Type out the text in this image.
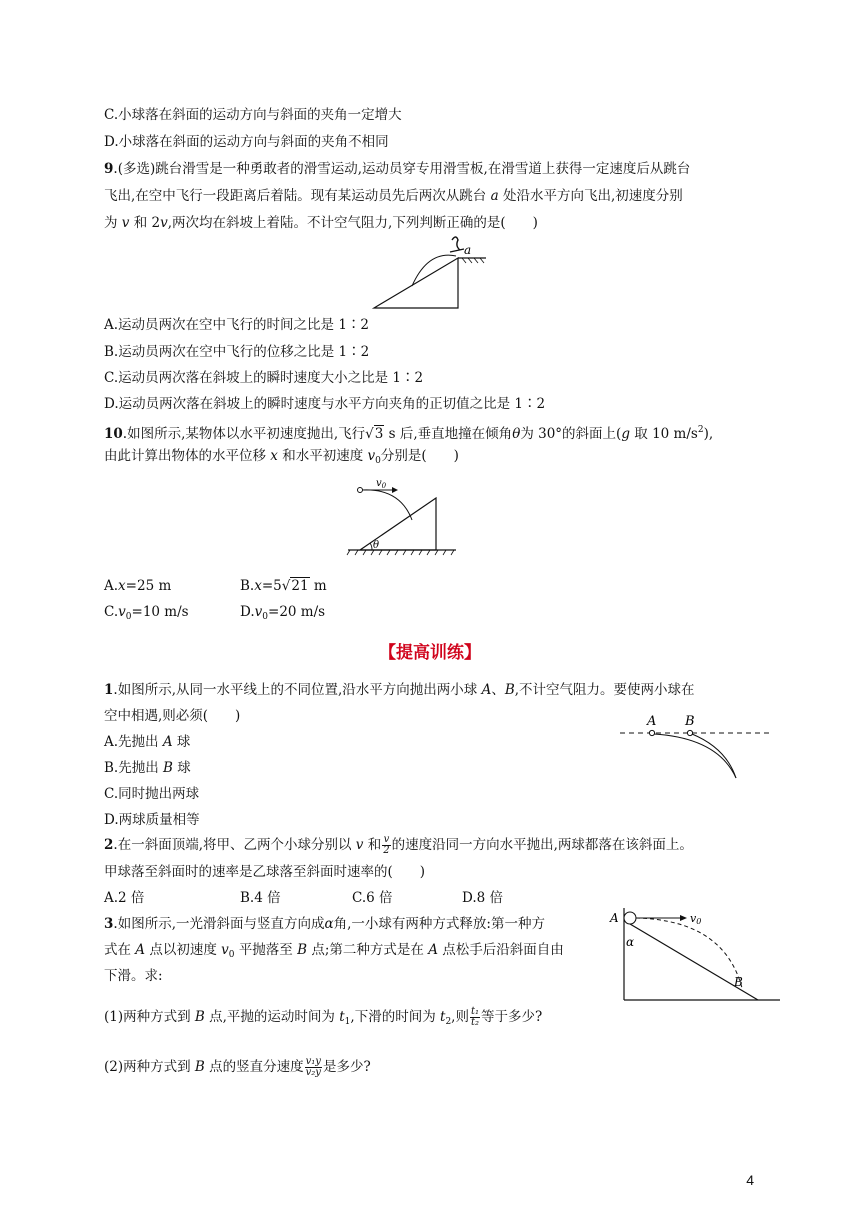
C.小球落在斜面的运动方向与斜面的夹角一定增大
D.小球落在斜面的运动方向与斜面的夹角不相同
9.(多选)跳台滑雪是一种勇敢者的滑雪运动,运动员穿专用滑雪板,在滑雪道上获得一定速度后从跳台
飞出,在空中飞行一段距离后着陆。现有某运动员先后两次从跳台 a 处沿水平方向飞出,初速度分别
为 v 和 2v,两次均在斜坡上着陆。不计空气阻力,下列判断正确的是(　　)
a
A.运动员两次在空中飞行的时间之比是 1∶2
B.运动员两次在空中飞行的位移之比是 1∶2
C.运动员两次落在斜坡上的瞬时速度大小之比是 1∶2
D.运动员两次落在斜坡上的瞬时速度与水平方向夹角的正切值之比是 1∶2
10.如图所示,某物体以水平初速度抛出,飞行√3 s 后,垂直地撞在倾角θ为 30°的斜面上(g 取 10 $m/s^2$),
由此计算出物体的水平位移 x 和水平初速度 $v_0$分别是(　　)
$v_0$
θ
A.x=25 m	B.x=5√21 m
$C.v_0=10$ m/s	$D.v_0=20$ m/s
【提高训练】
1.如图所示,从同一水平线上的不同位置,沿水平方向抛出两小球 A、B,不计空气阻力。要使两小球在
空中相遇,则必须(　　)
A.先抛出 A 球
B.先抛出 B 球
C.同时抛出两球
D.两球质量相等
A B
2.在一斜面顶端,将甲、乙两个小球分别以 v 和 $\frac{v}{2}$ 的速度沿同一方向水平抛出,两球都落在该斜面上。
甲球落至斜面时的速率是乙球落至斜面时速率的(　　)
A.2 倍	B.4 倍	C.6 倍	D.8 倍
3.如图所示,一光滑斜面与竖直方向成α角,一小球有两种方式释放:第一种方
式在 A 点以初速度 $v_0$ 平抛落至 B 点;第二种方式是在 A 点松手后沿斜面自由
下滑。求:
v0
A
B
α
(1)两种方式到 B 点,平抛的运动时间为 $t_1$,下滑的时间为 $t_2$,则 $\frac{\text{t₁}}{\text{t₂}}$ 等于多少?
(2)两种方式到 B 点的竖直分速度 $\frac{\text{v₁y}}{\text{v₂y}}$ 是多少?
4
